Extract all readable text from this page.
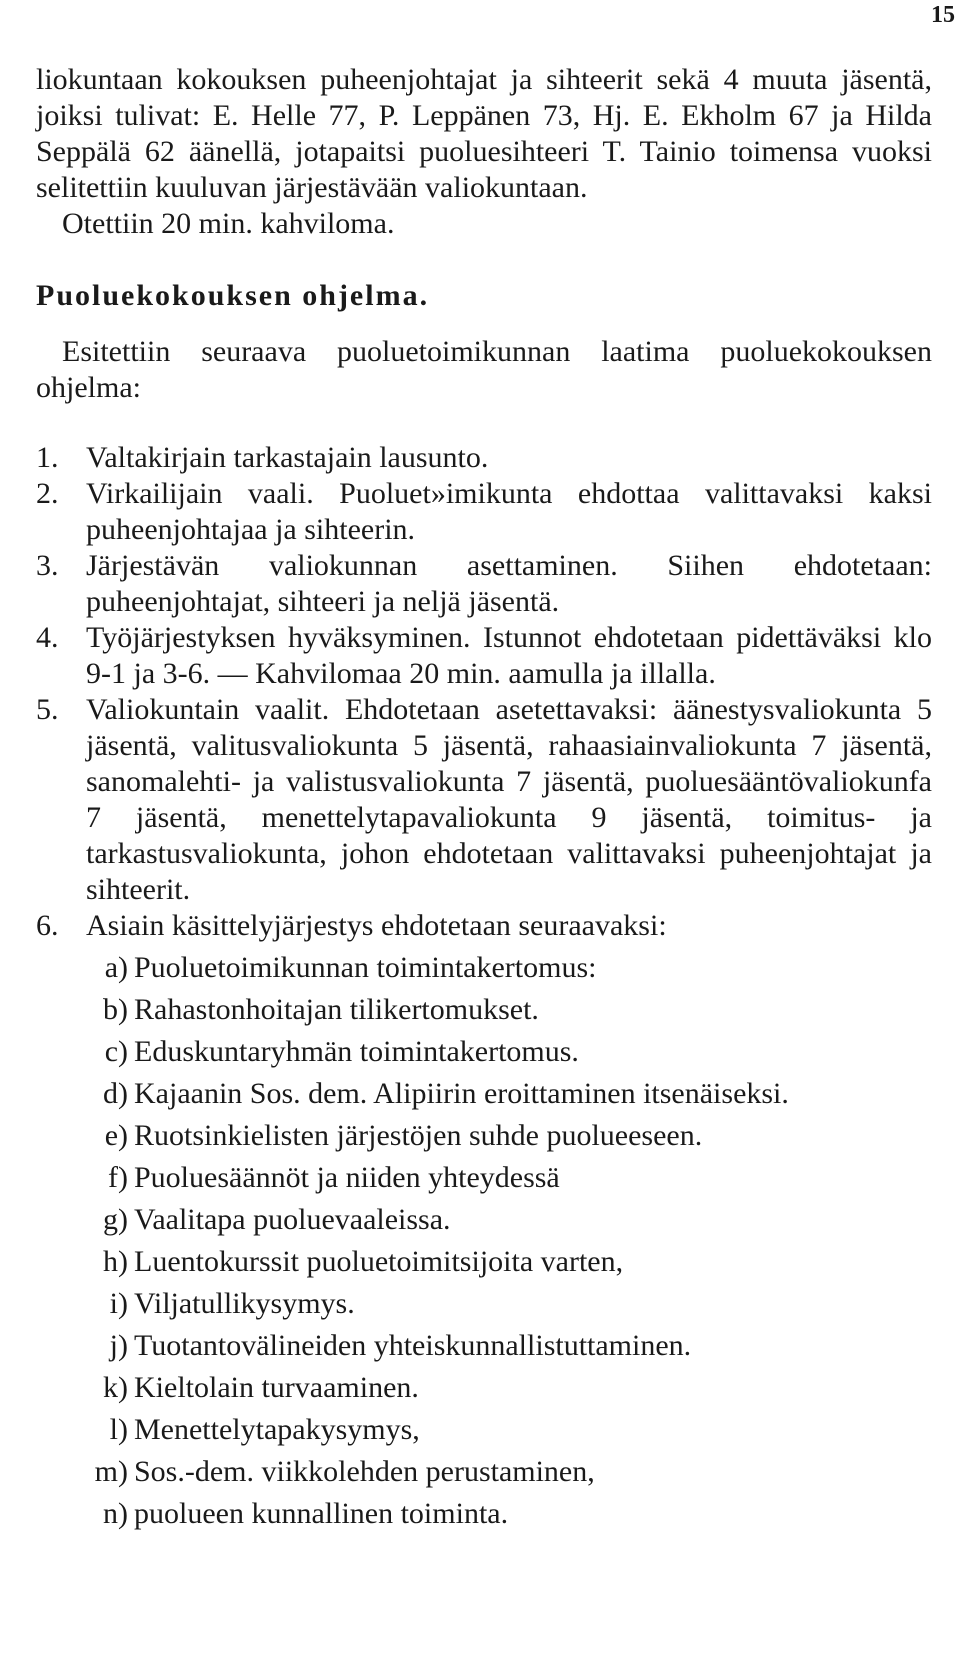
15

liokuntaan kokouksen puheenjohtajat ja sihteerit sekä 4 muuta jäsentä, joiksi tulivat: E. Helle 77, P. Leppänen 73, Hj. E. Ekholm 67 ja Hilda Seppälä 62 äänellä, jotapaitsi puoluesihteeri T. Tainio toimensa vuoksi selitettiin kuuluvan järjestävään valiokuntaan.

Otettiin 20 min. kahviloma.

Puoluekokouksen ohjelma.

Esitettiin seuraava puoluetoimikunnan laatima puoluekokouksen ohjelma:

1. Valtakirjain tarkastajain lausunto.
2. Virkailijain vaali. Puoluet»imikunta ehdottaa valittavaksi kaksi puheenjohtajaa ja sihteerin.
3. Järjestävän valiokunnan asettaminen. Siihen ehdotetaan: puheenjohtajat, sihteeri ja neljä jäsentä.
4. Työjärjestyksen hyväksyminen. Istunnot ehdotetaan pidettäväksi klo 9-1 ja 3-6. — Kahvilomaa 20 min. aamulla ja illalla.
5. Valiokuntain vaalit. Ehdotetaan asetettavaksi: äänestysvaliokunta 5 jäsentä, valitusvaliokunta 5 jäsentä, rahaasiainvaliokunta 7 jäsentä, sanomalehti- ja valistusvaliokunta 7 jäsentä, puoluesääntövaliokunfa 7 jäsentä, menettelytapavaliokunta 9 jäsentä, toimitus- ja tarkastusvaliokunta, johon ehdotetaan valittavaksi puheenjohtajat ja sihteerit.
6. Asiain käsittelyjärjestys ehdotetaan seuraavaksi:
a) Puoluetoimikunnan toimintakertomus:
b) Rahastonhoitajan tilikertomukset.
c) Eduskuntaryhmän toimintakertomus.
d) Kajaanin Sos. dem. Alipiirin eroittaminen itsenäiseksi.
e) Ruotsinkielisten järjestöjen suhde puolueeseen.
f) Puoluesäännöt ja niiden yhteydessä
g) Vaalitapa puoluevaaleissa.
h) Luentokurssit puoluetoimitsijoita varten,
i) Viljatullikysymys.
j) Tuotantovälineiden yhteiskunnallistuttaminen.
k) Kieltolain turvaaminen.
l) Menettelytapakysymys,
m) Sos.-dem. viikkolehden perustaminen,
n) puolueen kunnallinen toiminta.
